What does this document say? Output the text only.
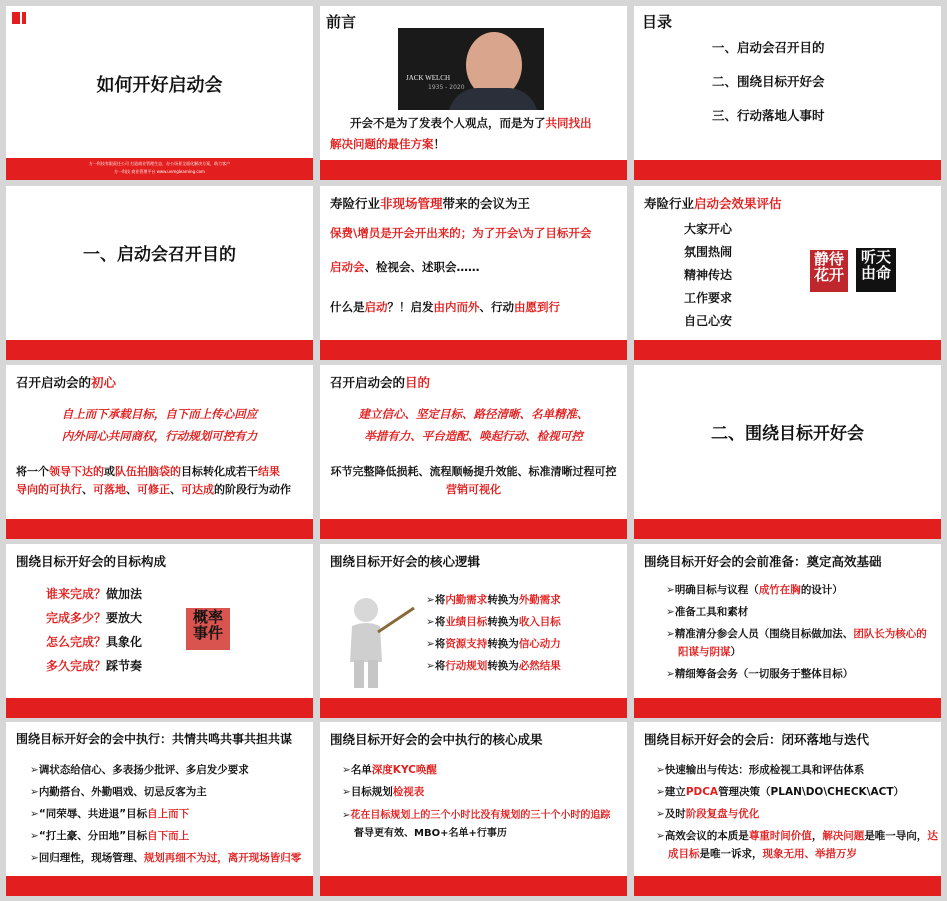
如何开好启动会
方一科技有限责任公司 打造商业管理生态，办公场景全面化解决方案，助力客户
方一科技 商业管理平台 www.unmglearning.com
前言
JACK WELCH
1935 - 2020
开会不是为了发表个人观点，而是为了共同找出
解决问题的最佳方案！
目录
一、启动会召开目的
二、围绕目标开好会
三、行动落地人事时
一、启动会召开目的
寿险行业非现场管理带来的会议为王
保费\增员是开会开出来的；为了开会\为了目标开会
启动会、检视会、述职会……
什么是启动？！启发由内而外、行动由愿到行
寿险行业启动会效果评估
大家开心
氛围热闹
精神传达
工作要求
自己心安
静待花开
听天由命
召开启动会的初心
自上而下承载目标，自下而上传心回应
内外同心共同商权，行动规划可控有力
将一个领导下达的或队伍拍脑袋的目标转化成若干结果
导向的可执行、可落地、可修正、可达成的阶段行为动作
召开启动会的目的
建立信心、坚定目标、路径清晰、名单精准、
举措有力、平台造配、唤起行动、检视可控
环节完整降低损耗、流程顺畅提升效能、标准清晰过程可控
营销可视化
二、围绕目标开好会
围绕目标开好会的目标构成
谁来完成？做加法
完成多少？要放大
怎么完成？具象化
多久完成？踩节奏
概率事件
围绕目标开好会的核心逻辑
➢将内勤需求转换为外勤需求
➢将业绩目标转换为收入目标
➢将资源支持转换为信心动力
➢将行动规划转换为必然结果
围绕目标开好会的会前准备：奠定高效基础
➢明确目标与议程（成竹在胸的设计）
➢准备工具和素材
➢精准清分参会人员（围绕目标做加法、团队长为核心的
阳谋与阴谋）
➢精细筹备会务（一切服务于整体目标）
围绕目标开好会的会中执行：共情共鸣共事共担共谋
➢调状态给信心、多表扬少批评、多启发少要求
➢内勤搭台、外勤唱戏、切忌反客为主
➢“同荣辱、共进退”目标自上而下
➢“打土豪、分田地”目标自下而上
➢回归理性，现场管理、规划再细不为过，离开现场皆归零
围绕目标开好会的会中执行的核心成果
➢名单深度KYC唤醒
➢目标规划检视表
➢花在目标规划上的三个小时比没有规划的三十个小时的追踪
督导更有效、MBO+名单+行事历
围绕目标开好会的会后：闭环落地与迭代
➢快速输出与传达：形成检视工具和评估体系
➢建立PDCA管理决策（PLAN\DO\CHECK\ACT）
➢及时阶段复盘与优化
➢高效会议的本质是尊重时间价值，解决问题是唯一导向，达
成目标是唯一诉求，现象无用、举措万岁
